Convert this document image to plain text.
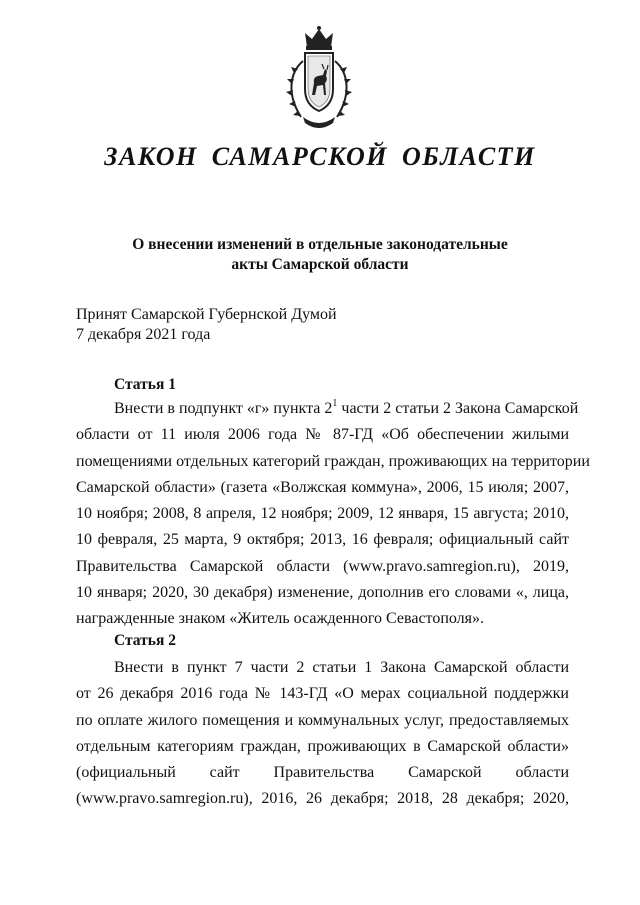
ЗАКОН САМАРСКОЙ ОБЛАСТИ
О внесении изменений в отдельные законодательные
акты Самарской области
Принят Самарской Губернской Думой
7 декабря 2021 года
Статья 1
Внести в подпункт «г» пункта $2^1$ части 2 статьи 2 Закона Самарской
области от 11 июля 2006 года № 87-ГД «Об обеспечении жилыми
помещениями отдельных категорий граждан, проживающих на территории
Самарской области» (газета «Волжская коммуна», 2006, 15 июля; 2007,
10 ноября; 2008, 8 апреля, 12 ноября; 2009, 12 января, 15 августа; 2010,
10 февраля, 25 марта, 9 октября; 2013, 16 февраля; официальный сайт
Правительства Самарской области (www.pravo.samregion.ru), 2019,
10 января; 2020, 30 декабря) изменение, дополнив его словами «, лица,
награжденные знаком «Житель осажденного Севастополя».
Статья 2
Внести в пункт 7 части 2 статьи 1 Закона Самарской области
от 26 декабря 2016 года № 143-ГД «О мерах социальной поддержки
по оплате жилого помещения и коммунальных услуг, предоставляемых
отдельным категориям граждан, проживающих в Самарской области»
(официальный сайт Правительства Самарской области
(www.pravo.samregion.ru), 2016, 26 декабря; 2018, 28 декабря; 2020,
